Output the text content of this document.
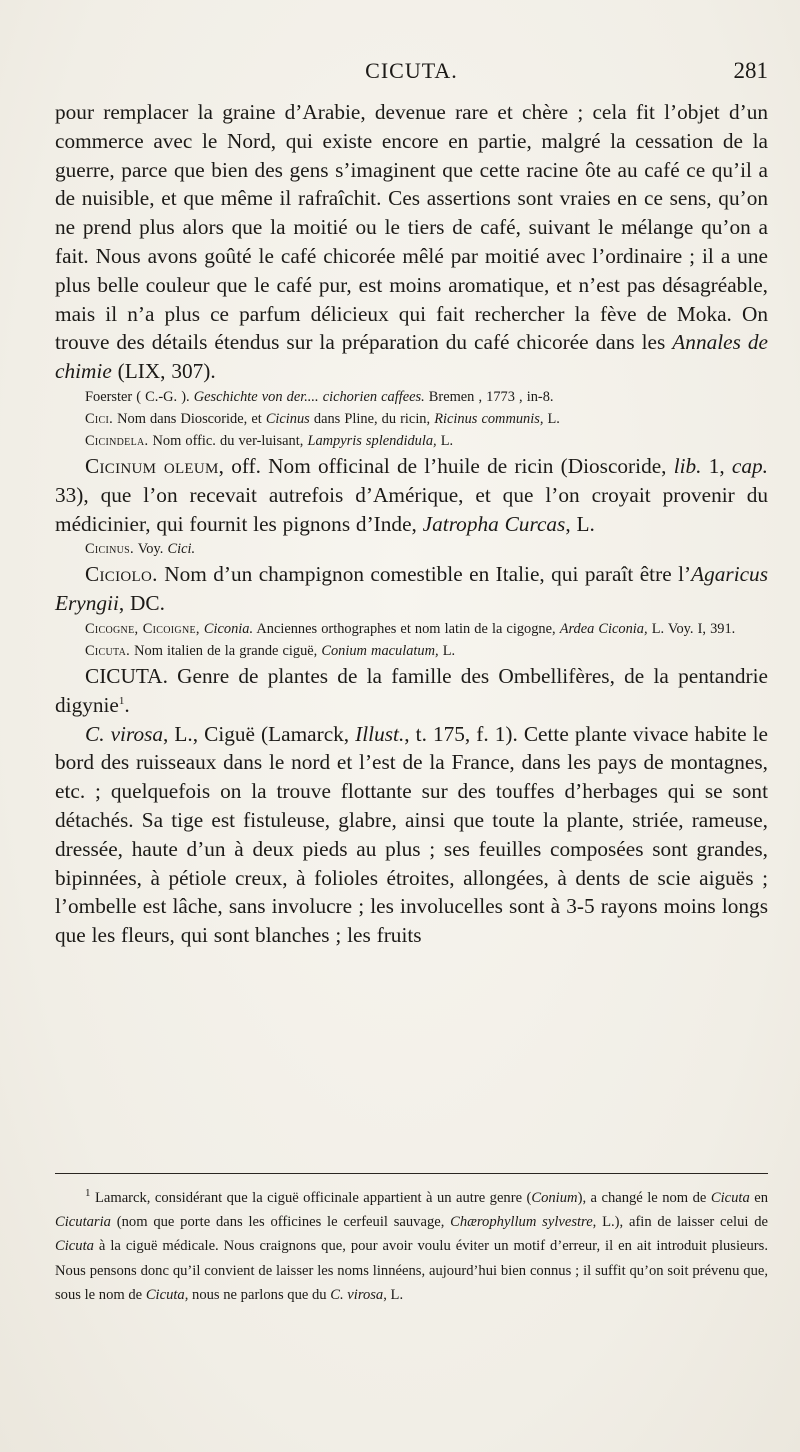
CICUTA.	281

pour remplacer la graine d’Arabie, devenue rare et chère ; cela fit l’objet d’un commerce avec le Nord, qui existe encore en partie, malgré la cessation de la guerre, parce que bien des gens s’imaginent que cette racine ôte au café ce qu’il a de nuisible, et que même il rafraîchit. Ces assertions sont vraies en ce sens, qu’on ne prend plus alors que la moitié ou le tiers de café, suivant le mélange qu’on a fait. Nous avons goûté le café chicorée mêlé par moitié avec l’ordinaire ; il a une plus belle couleur que le café pur, est moins aromatique, et n’est pas désagréable, mais il n’a plus ce parfum délicieux qui fait rechercher la fève de Moka. On trouve des détails étendus sur la préparation du café chicorée dans les Annales de chimie (LIX, 307).

Foerster ( C.-G. ). Geschichte von der.... cichorien caffees. Bremen , 1773 , in-8.

Cici. Nom dans Dioscoride, et Cicinus dans Pline, du ricin, Ricinus communis, L.

Cicindela. Nom offic. du ver-luisant, Lampyris splendidula, L.

Cicinum oleum, off. Nom officinal de l’huile de ricin (Dioscoride, lib. 1, cap. 33), que l’on recevait autrefois d’Amérique, et que l’on croyait provenir du médicinier, qui fournit les pignons d’Inde, Jatropha Curcas, L.

Cicinus. Voy. Cici.

Ciciolo. Nom d’un champignon comestible en Italie, qui paraît être l’Agaricus Eryngii, DC.

Cicogne, Cicoigne, Ciconia. Anciennes orthographes et nom latin de la cigogne, Ardea Ciconia, L. Voy. I, 391.

Cicuta. Nom italien de la grande ciguë, Conium maculatum, L.

CICUTA. Genre de plantes de la famille des Ombellifères, de la pentandrie digynie$^1$.

C. virosa, L., Ciguë (Lamarck, Illust., t. 175, f. 1). Cette plante vivace habite le bord des ruisseaux dans le nord et l’est de la France, dans les pays de montagnes, etc. ; quelquefois on la trouve flottante sur des touffes d’herbages qui se sont détachés. Sa tige est fistuleuse, glabre, ainsi que toute la plante, striée, rameuse, dressée, haute d’un à deux pieds au plus ; ses feuilles composées sont grandes, bipinnées, à pétiole creux, à folioles étroites, allongées, à dents de scie aiguës ; l’ombelle est lâche, sans involucre ; les involucelles sont à 3-5 rayons moins longs que les fleurs, qui sont blanches ; les fruits

$^1$ Lamarck, considérant que la ciguë officinale appartient à un autre genre (Conium), a changé le nom de Cicuta en Cicutaria (nom que porte dans les officines le cerfeuil sauvage, Chærophyllum sylvestre, L.), afin de laisser celui de Cicuta à la ciguë médicale. Nous craignons que, pour avoir voulu éviter un motif d’erreur, il en ait introduit plusieurs. Nous pensons donc qu’il convient de laisser les noms linnéens, aujourd’hui bien connus ; il suffit qu’on soit prévenu que, sous le nom de Cicuta, nous ne parlons que du C. virosa, L.
